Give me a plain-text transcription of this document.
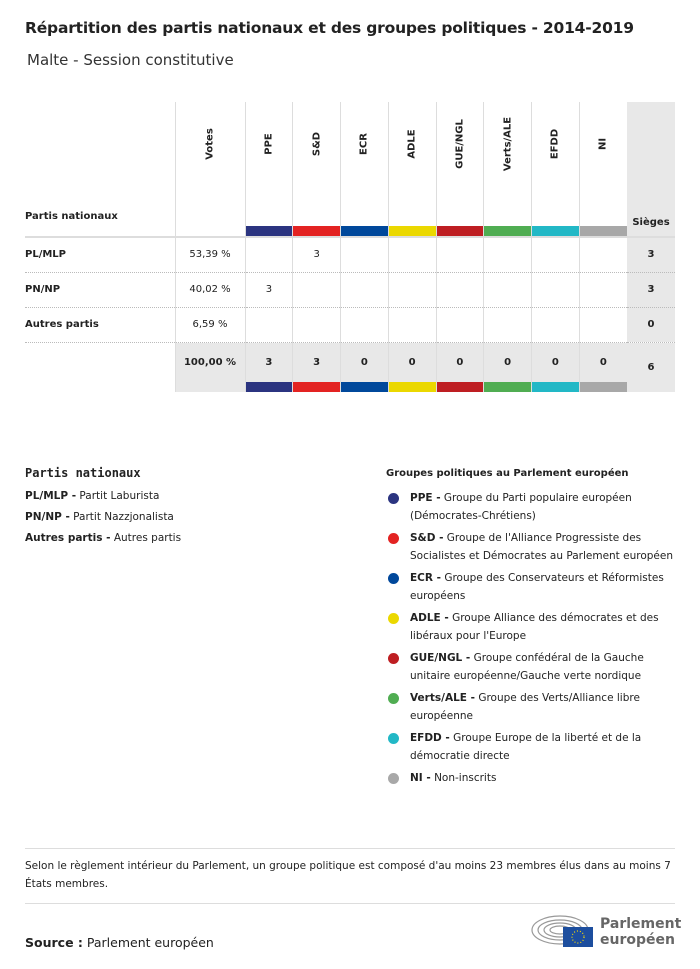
Répartition des partis nationaux et des groupes politiques - 2014-2019
Malte - Session constitutive
Partis nationaux	Votes	PPE	S&D	ECR	ADLE	GUE/NGL	Verts/ALE	EFDD	NI	Sièges
PL/MLP	53,39 %		3							3
PN/NP	40,02 %	3								3
Autres partis	6,59 %									0
	100,00 %	3	3	0	0	0	0	0	0	6
Partis nationaux
PL/MLP - Partit Laburista
PN/NP - Partit Nazzjonalista
Autres partis - Autres partis
Groupes politiques au Parlement européen
PPE - Groupe du Parti populaire européen (Démocrates-Chrétiens)
S&D - Groupe de l'Alliance Progressiste des Socialistes et Démocrates au Parlement européen
ECR - Groupe des Conservateurs et Réformistes européens
ADLE - Groupe Alliance des démocrates et des libéraux pour l'Europe
GUE/NGL - Groupe confédéral de la Gauche unitaire européenne/Gauche verte nordique
Verts/ALE - Groupe des Verts/Alliance libre européenne
EFDD - Groupe Europe de la liberté et de la démocratie directe
NI - Non-inscrits
Selon le règlement intérieur du Parlement, un groupe politique est composé d'au moins 23 membres élus dans au moins 7 États membres.
Source : Parlement européen
Parlement
européen
